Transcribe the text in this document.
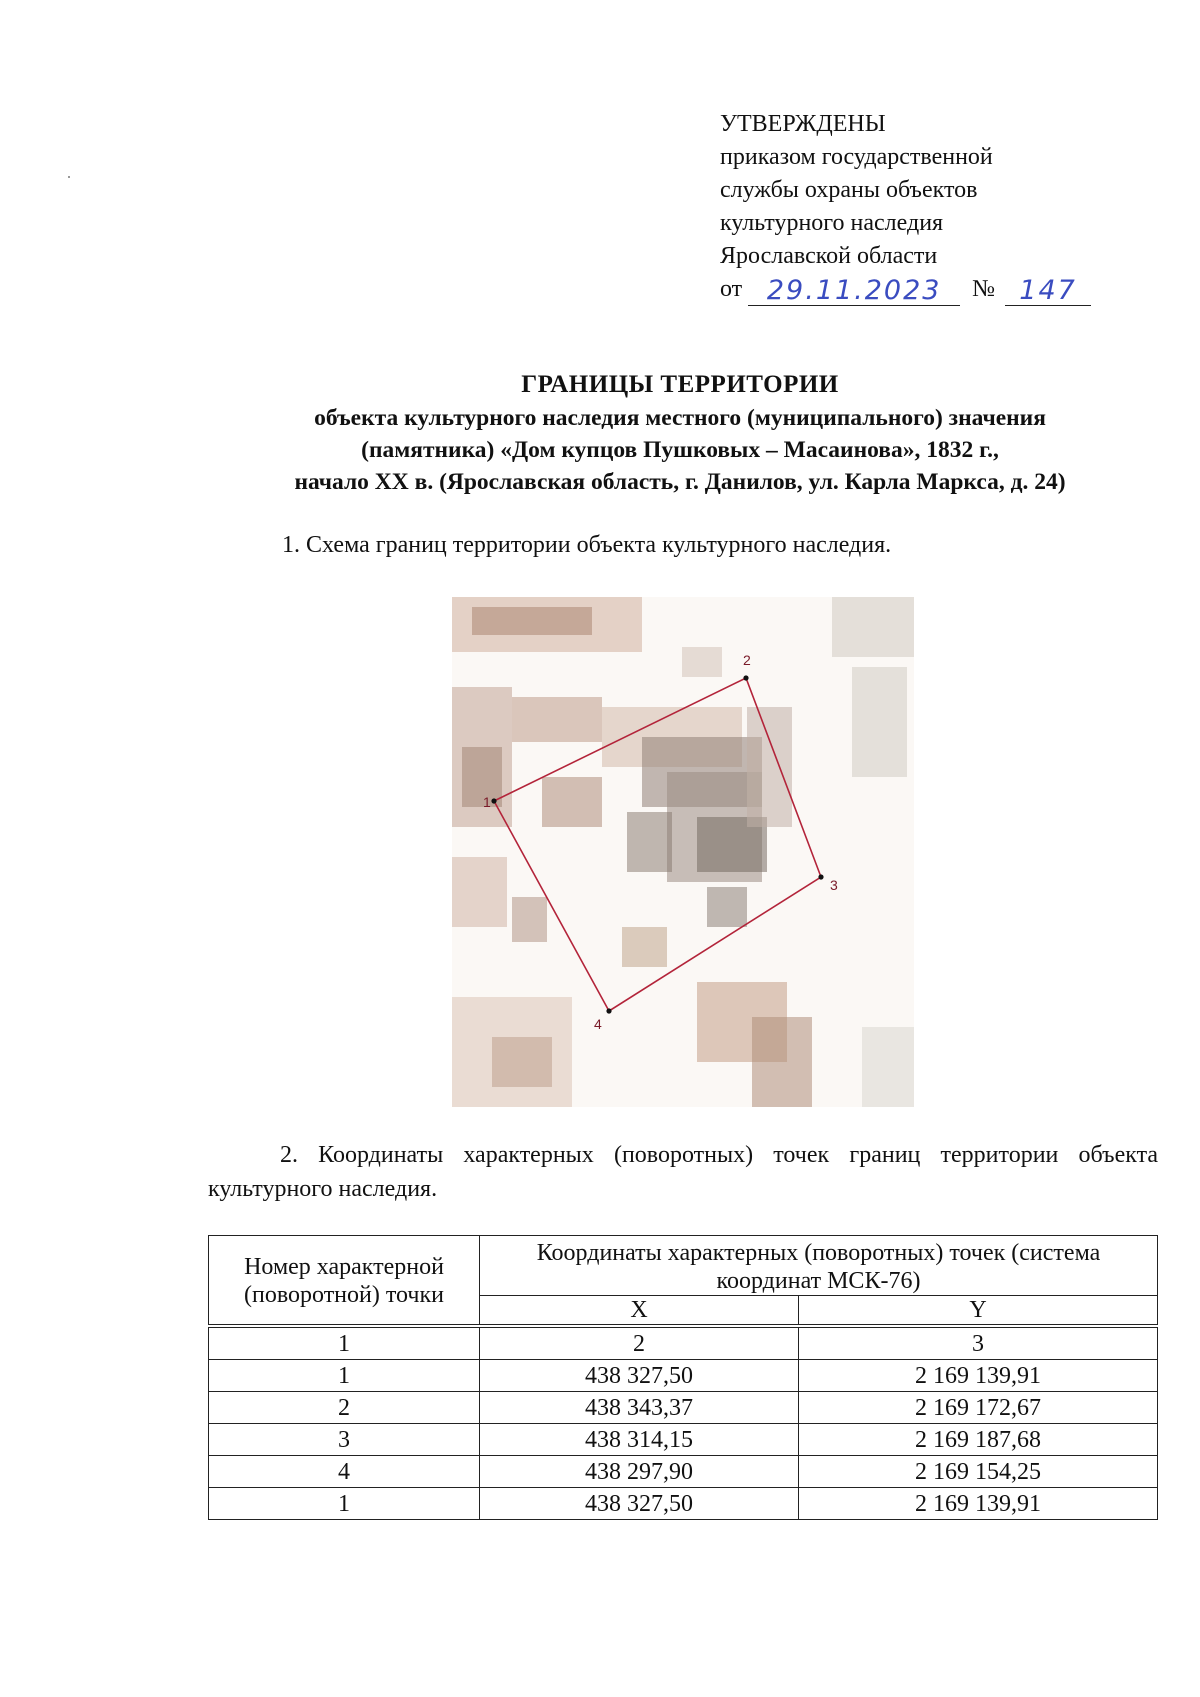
УТВЕРЖДЕНЫ
приказом государственной
службы охраны объектов
культурного наследия
Ярославской области
от 29.11.2023	№ 147
ГРАНИЦЫ ТЕРРИТОРИИ
объекта культурного наследия местного (муниципального) значения
(памятника) «Дом купцов Пушковых – Масаинова», 1832 г.,
начало XX в. (Ярославская область, г. Данилов, ул. Карла Маркса, д. 24)
1. Схема границ территории объекта культурного наследия.
1
2
3
4
2. Координаты характерных (поворотных) точек границ территории объекта культурного наследия.
Номер характерной (поворотной) точки	Координаты характерных (поворотных) точек (система координат МСК-76)	
	X	Y
1	2	3
1	438 327,50	2 169 139,91
2	438 343,37	2 169 172,67
3	438 314,15	2 169 187,68
4	438 297,90	2 169 154,25
1	438 327,50	2 169 139,91
